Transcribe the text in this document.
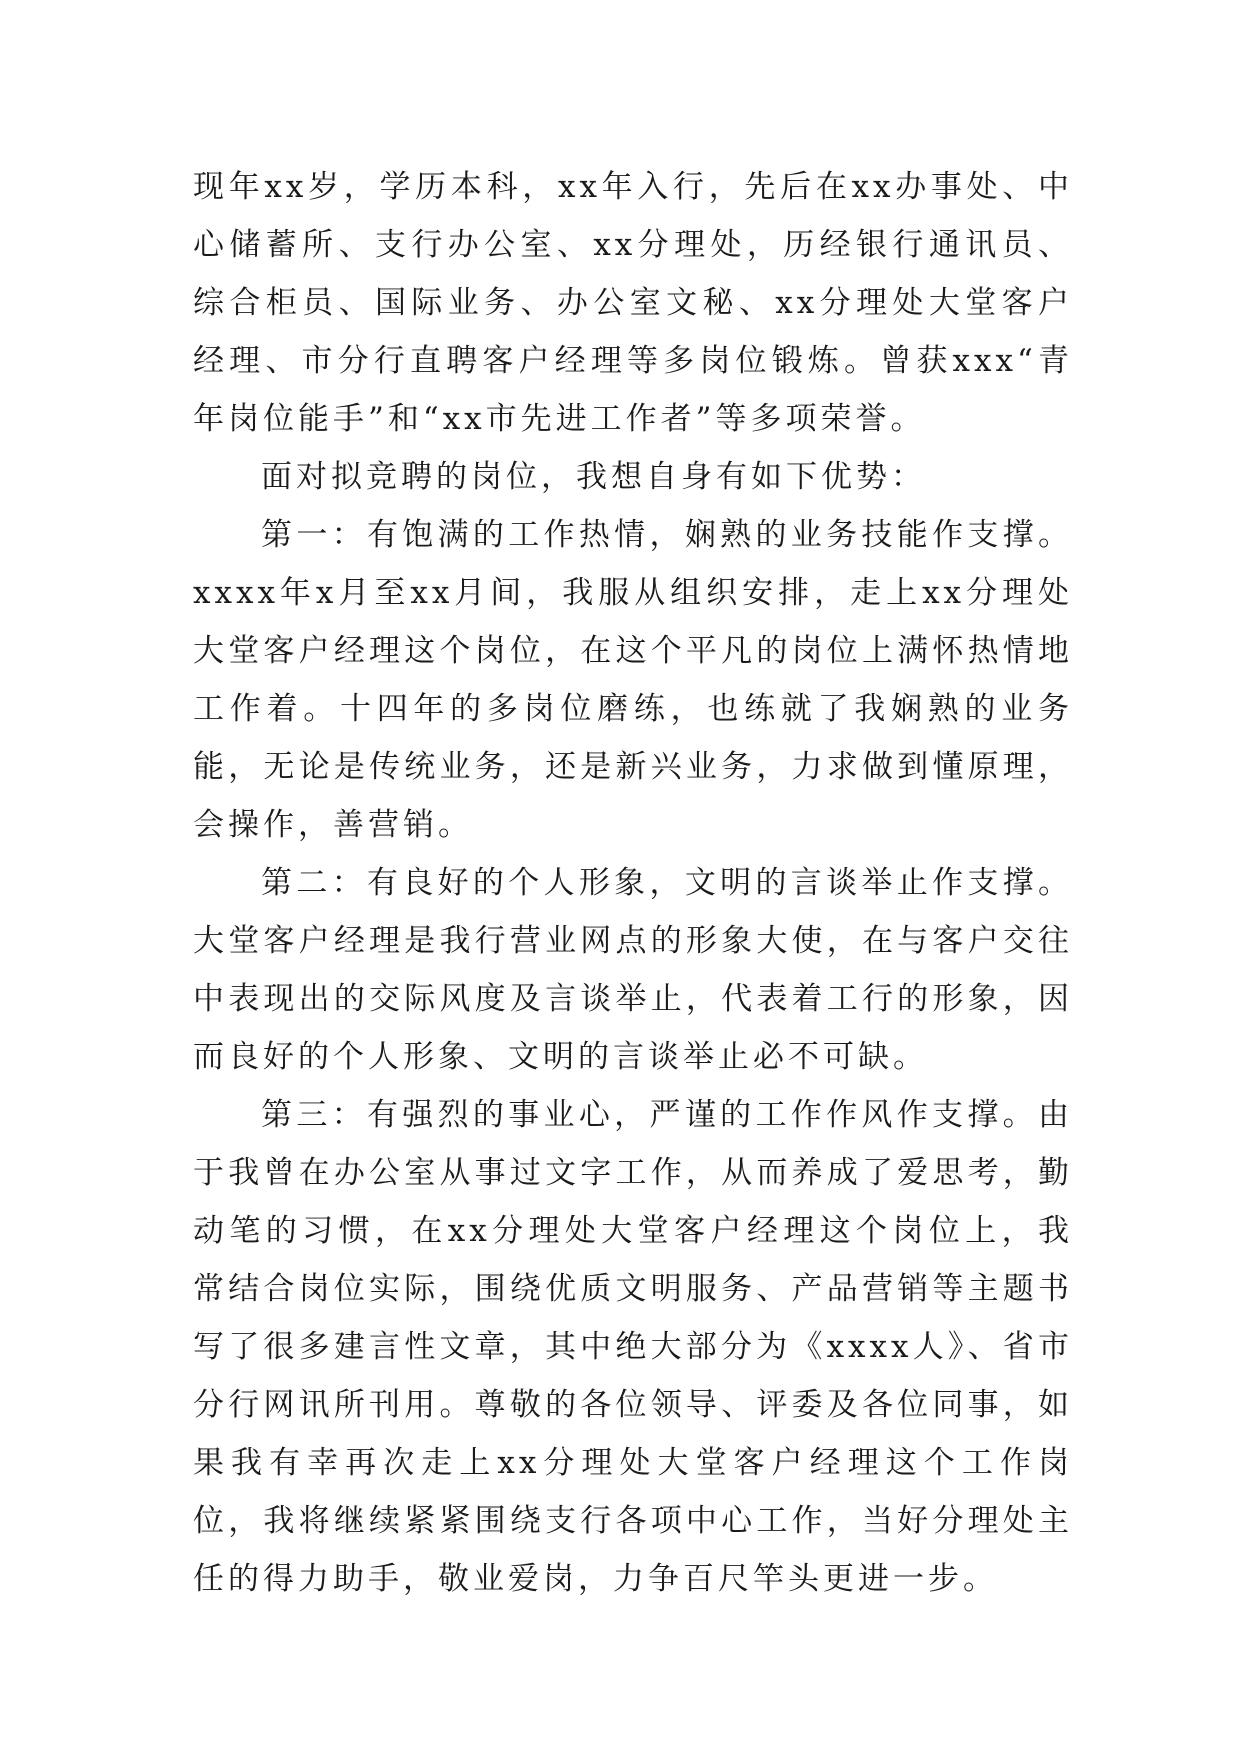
现年xx岁，学历本科，xx年入行，先后在xx办事处、中心储蓄所、支行办公室、xx分理处，历经银行通讯员、综合柜员、国际业务、办公室文秘、xx分理处大堂客户经理、市分行直聘客户经理等多岗位锻炼。曾获xxx“青年岗位能手”和“xx市先进工作者”等多项荣誉。

面对拟竞聘的岗位，我想自身有如下优势：

第一：有饱满的工作热情，娴熟的业务技能作支撑。xxxx年x月至xx月间，我服从组织安排，走上xx分理处大堂客户经理这个岗位，在这个平凡的岗位上满怀热情地工作着。十四年的多岗位磨练，也练就了我娴熟的业务能，无论是传统业务，还是新兴业务，力求做到懂原理，会操作，善营销。

第二：有良好的个人形象，文明的言谈举止作支撑。大堂客户经理是我行营业网点的形象大使，在与客户交往中表现出的交际风度及言谈举止，代表着工行的形象，因而良好的个人形象、文明的言谈举止必不可缺。

第三：有强烈的事业心，严谨的工作作风作支撑。由于我曾在办公室从事过文字工作，从而养成了爱思考，勤动笔的习惯，在xx分理处大堂客户经理这个岗位上，我常结合岗位实际，围绕优质文明服务、产品营销等主题书写了很多建言性文章，其中绝大部分为《xxxx人》、省市分行网讯所刊用。尊敬的各位领导、评委及各位同事，如果我有幸再次走上xx分理处大堂客户经理这个工作岗位，我将继续紧紧围绕支行各项中心工作，当好分理处主任的得力助手，敬业爱岗，力争百尺竿头更进一步。
